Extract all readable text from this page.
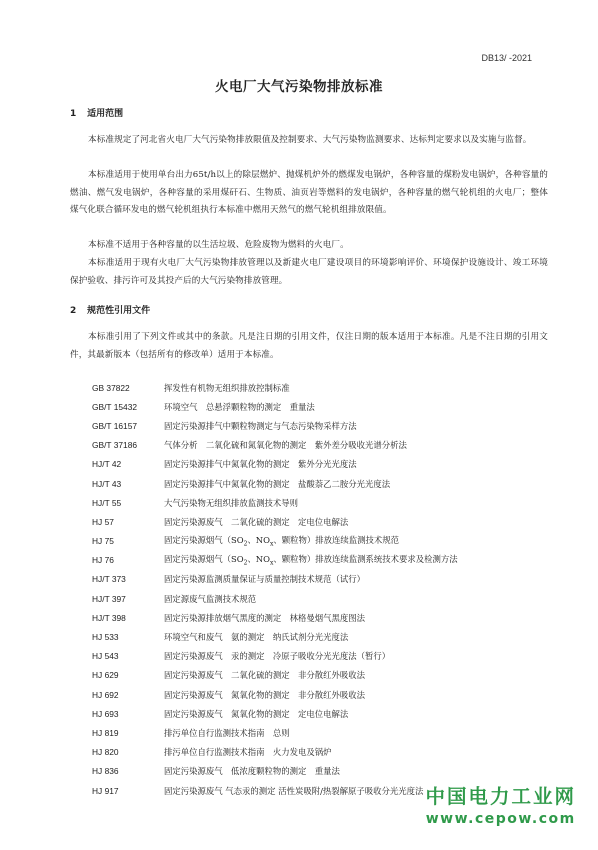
DB13/ -2021
火电厂大气污染物排放标准
1 适用范围
本标准规定了河北省火电厂大气污染物排放限值及控制要求、大气污染物监测要求、达标判定要求以及实施与监督。
本标准适用于使用单台出力65t/h以上的除层燃炉、抛煤机炉外的燃煤发电锅炉，各种容量的煤粉发电锅炉，各种容量的燃油、燃气发电锅炉，各种容量的采用煤矸石、生物质、油页岩等燃料的发电锅炉，各种容量的燃气轮机组的火电厂；整体煤气化联合循环发电的燃气轮机组执行本标准中燃用天然气的燃气轮机组排放限值。
本标准不适用于各种容量的以生活垃圾、危险废物为燃料的火电厂。
本标准适用于现有火电厂大气污染物排放管理以及新建火电厂建设项目的环境影响评价、环境保护设施设计、竣工环境保护验收、排污许可及其投产后的大气污染物排放管理。
2 规范性引用文件
本标准引用了下列文件或其中的条款。凡是注日期的引用文件，仅注日期的版本适用于本标准。凡是不注日期的引用文件，其最新版本（包括所有的修改单）适用于本标准。
GB 37822	挥发性有机物无组织排放控制标准
GB/T 15432	环境空气　总悬浮颗粒物的测定　重量法
GB/T 16157	固定污染源排气中颗粒物测定与气态污染物采样方法
GB/T 37186	气体分析　二氧化硫和氮氧化物的测定　紫外差分吸收光谱分析法
HJ/T 42	固定污染源排气中氮氧化物的测定　紫外分光光度法
HJ/T 43	固定污染源排气中氮氧化物的测定　盐酸萘乙二胺分光光度法
HJ/T 55	大气污染物无组织排放监测技术导则
HJ 57	固定污染源废气　二氧化硫的测定　定电位电解法
HJ 75	固定污染源烟气（$SO_2$、$NO_x$、颗粒物）排放连续监测技术规范
HJ 76	固定污染源烟气（$SO_2$、$NO_x$、颗粒物）排放连续监测系统技术要求及检测方法
HJ/T 373	固定污染源监测质量保证与质量控制技术规范（试行）
HJ/T 397	固定源废气监测技术规范
HJ/T 398	固定污染源排放烟气黑度的测定　林格曼烟气黑度图法
HJ 533	环境空气和废气　氨的测定　纳氏试剂分光光度法
HJ 543	固定污染源废气　汞的测定　冷原子吸收分光光度法（暂行）
HJ 629	固定污染源废气　二氧化硫的测定　非分散红外吸收法
HJ 692	固定污染源废气　氮氧化物的测定　非分散红外吸收法
HJ 693	固定污染源废气　氮氧化物的测定　定电位电解法
HJ 819	排污单位自行监测技术指南　总则
HJ 820	排污单位自行监测技术指南　火力发电及锅炉
HJ 836	固定污染源废气　低浓度颗粒物的测定　重量法
HJ 917	固定污染源废气 气态汞的测定 活性炭吸附/热裂解原子吸收分光光度法 中国电力工业网
www.cepow.com
